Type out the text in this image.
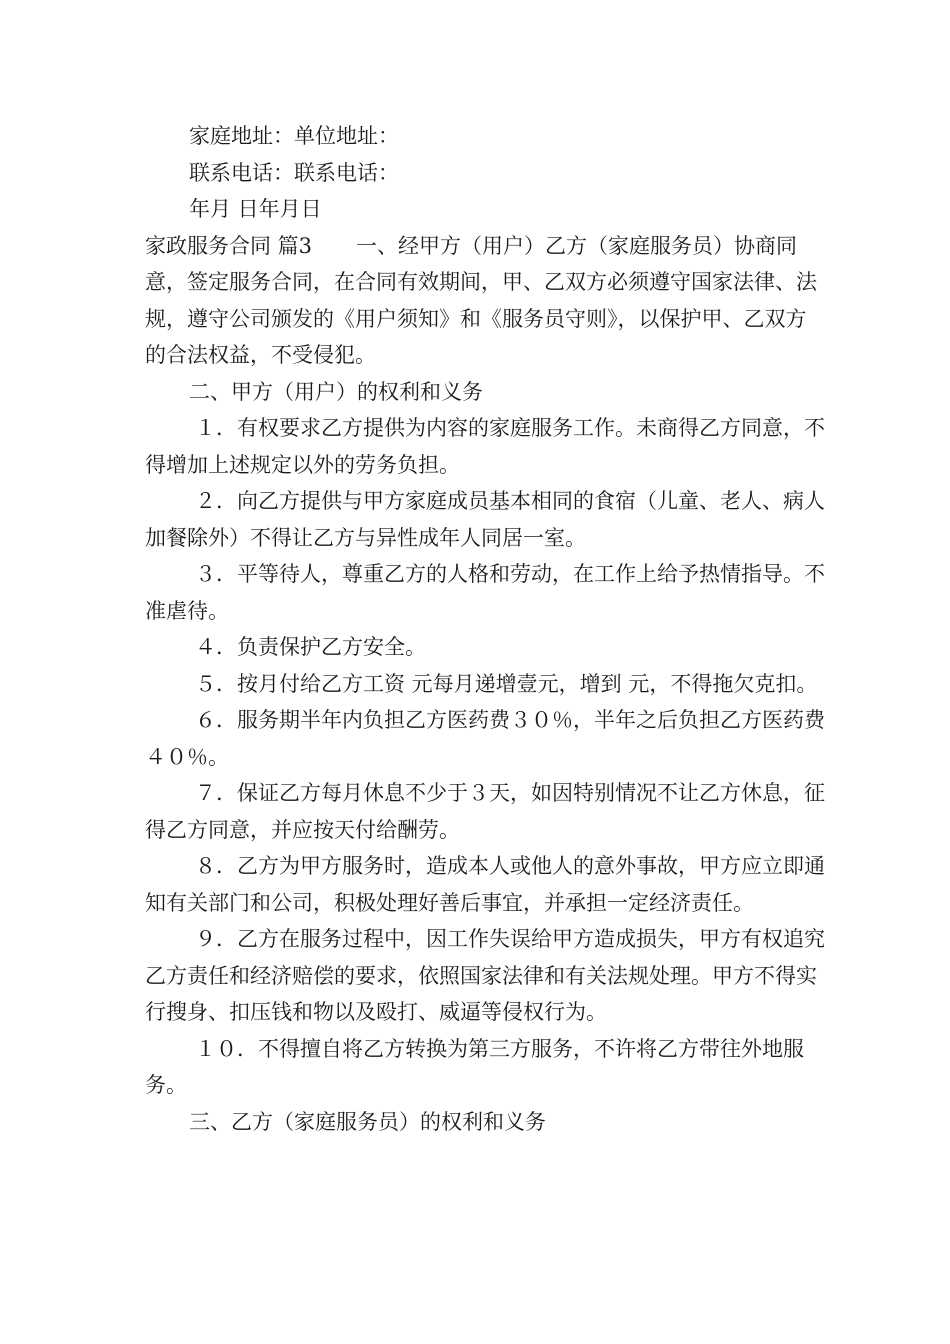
家庭地址：单位地址：

联系电话：联系电话：

年月 日年月日

家政服务合同 篇3 一、经甲方（用户）乙方（家庭服务员）协商同意，签定服务合同，在合同有效期间，甲、乙双方必须遵守国家法律、法规，遵守公司颁发的《用户须知》和《服务员守则》，以保护甲、乙双方的合法权益，不受侵犯。

二、甲方（用户）的权利和义务

１．有权要求乙方提供为内容的家庭服务工作。未商得乙方同意，不得增加上述规定以外的劳务负担。

２．向乙方提供与甲方家庭成员基本相同的食宿（儿童、老人、病人加餐除外）不得让乙方与异性成年人同居一室。

３．平等待人，尊重乙方的人格和劳动，在工作上给予热情指导。不准虐待。

４．负责保护乙方安全。

５．按月付给乙方工资 元每月递增壹元，增到 元，不得拖欠克扣。

６．服务期半年内负担乙方医药费３０％，半年之后负担乙方医药费４０％。

７．保证乙方每月休息不少于３天，如因特别情况不让乙方休息，征得乙方同意，并应按天付给酬劳。

８．乙方为甲方服务时，造成本人或他人的意外事故，甲方应立即通知有关部门和公司，积极处理好善后事宜，并承担一定经济责任。

９．乙方在服务过程中，因工作失误给甲方造成损失，甲方有权追究乙方责任和经济赔偿的要求，依照国家法律和有关法规处理。甲方不得实行搜身、扣压钱和物以及殴打、威逼等侵权行为。

１０．不得擅自将乙方转换为第三方服务，不许将乙方带往外地服务。

三、乙方（家庭服务员）的权利和义务
